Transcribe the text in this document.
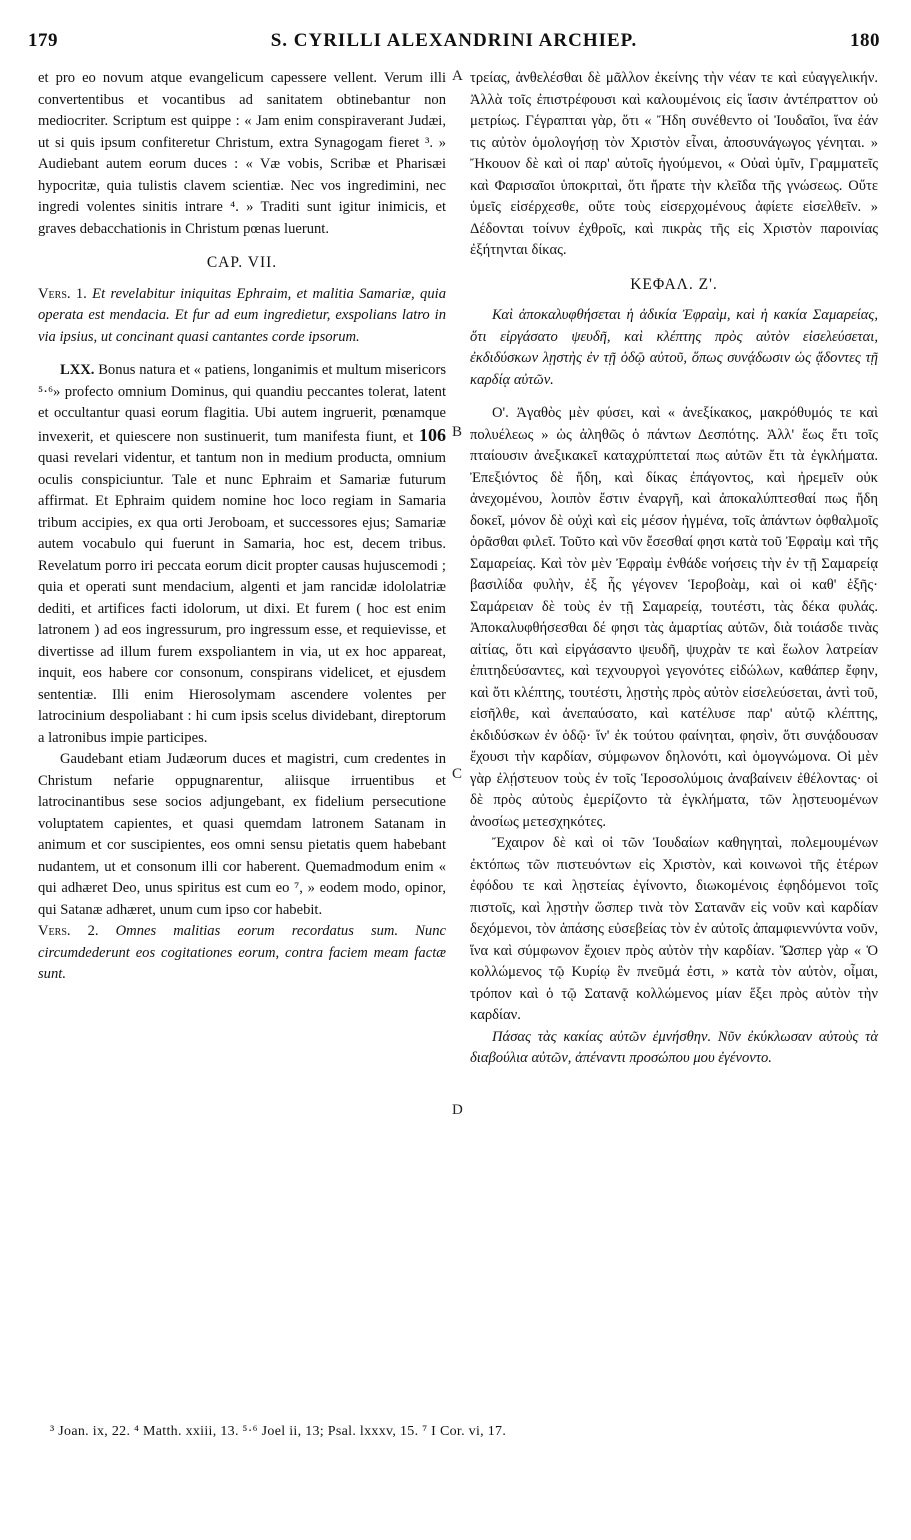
179	S. CYRILLI ALEXANDRINI ARCHIEP.	180
A
B
C
D

et pro eo novum atque evangelicum capessere vellent. Verum illi convertentibus et vocantibus ad sanitatem obtinebantur non mediocriter. Scriptum est quippe : « Jam enim conspiraverant Judæi, ut si quis ipsum confiteretur Christum, extra Synagogam fieret ³. » Audiebant autem eorum duces : « Væ vobis, Scribæ et Pharisæi hypocritæ, quia tulistis clavem scientiæ. Nec vos ingredimini, nec ingredi volentes sinitis intrare ⁴. » Traditi sunt igitur inimicis, et graves debacchationis in Christum pœnas luerunt.

CAP. VII.

Vers. 1. Et revelabitur iniquitas Ephraim, et malitia Samariæ, quia operata est mendacia. Et fur ad eum ingredietur, exspolians latro in via ipsius, ut concinant quasi cantantes corde ipsorum.

LXX. Bonus natura et « patiens, longanimis et multum misericors ⁵·⁶» profecto omnium Dominus, qui quandiu peccantes tolerat, latent et occultantur quasi eorum flagitia. Ubi autem ingruerit, pœnamque invexerit, et quiescere non sustinuerit, tum manifesta fiunt, et 106 quasi revelari videntur, et tantum non in medium producta, omnium oculis conspiciuntur. Tale et nunc Ephraim et Samariæ futurum affirmat. Et Ephraim quidem nomine hoc loco regiam in Samaria tribum accipies, ex qua orti Jeroboam, et successores ejus; Samariæ autem vocabulo qui fuerunt in Samaria, hoc est, decem tribus. Revelatum porro iri peccata eorum dicit propter causas hujuscemodi ; quia et operati sunt mendacium, algenti et jam rancidæ idololatriæ dediti, et artifices facti idolorum, ut dixi. Et furem ( hoc est enim latronem ) ad eos ingressurum, pro ingressum esse, et requievisse, et divertisse ad illum furem exspoliantem in via, ut ex hoc appareat, inquit, eos habere cor consonum, conspirans videlicet, et ejusdem sententiæ. Illi enim Hierosolymam ascendere volentes per latrocinium despoliabant : hi cum ipsis scelus dividebant, direptorum a latronibus impie participes.

Gaudebant etiam Judæorum duces et magistri, cum credentes in Christum nefarie oppugnarentur, aliisque irruentibus et latrocinantibus sese socios adjungebant, ex fidelium persecutione voluptatem capientes, et quasi quemdam latronem Satanam in animum et cor suscipientes, eos omni sensu pietatis quem habebant nudantem, ut et consonum illi cor haberent. Quemadmodum enim « qui adhæret Deo, unus spiritus est cum eo ⁷, » eodem modo, opinor, qui Satanæ adhæret, unum cum ipso cor habebit.

Vers. 2. Omnes malitias eorum recordatus sum. Nunc circumdederunt eos cogitationes eorum, contra faciem meam factæ sunt.

τρείας, ἀνθελέσθαι δὲ μᾶλλον ἐκείνης τὴν νέαν τε καὶ εὐαγγελικήν. Ἀλλὰ τοῖς ἐπιστρέφουσι καὶ καλουμένοις εἰς ἴασιν ἀντέπραττον οὐ μετρίως. Γέγραπται γὰρ, ὅτι « Ἤδη συνέθεντο οἱ Ἰουδαῖοι, ἵνα ἐάν τις αὐτὸν ὁμολογήσῃ τὸν Χριστὸν εἶναι, ἀποσυνάγωγος γένηται. » Ἤκουον δὲ καὶ οἱ παρ' αὐτοῖς ἡγούμενοι, « Οὐαὶ ὑμῖν, Γραμματεῖς καὶ Φαρισαῖοι ὑποκριταὶ, ὅτι ἤρατε τὴν κλεῖδα τῆς γνώσεως. Οὔτε ὑμεῖς εἰσέρχεσθε, οὔτε τοὺς εἰσερχομένους ἀφίετε εἰσελθεῖν. » Δέδονται τοίνυν ἐχθροῖς, καὶ πικρὰς τῆς εἰς Χριστὸν παροινίας ἐξήτηνται δίκας.

ΚΕΦΑΛ. Ζ'.

Καὶ ἀποκαλυφθήσεται ἡ ἀδικία Ἐφραὶμ, καὶ ἡ κακία Σαμαρείας, ὅτι εἰργάσατο ψευδῆ, καὶ κλέπτης πρὸς αὐτὸν εἰσελεύσεται, ἐκδιδύσκων λῃστὴς ἐν τῇ ὁδῷ αὐτοῦ, ὅπως συνᾴδωσιν ὡς ᾄδοντες τῇ καρδίᾳ αὐτῶν.

Ο'. Ἀγαθὸς μὲν φύσει, καὶ « ἀνεξίκακος, μακρόθυμός τε καὶ πολυέλεως » ὡς ἀληθῶς ὁ πάντων Δεσπότης. Ἀλλ' ἕως ἔτι τοῖς πταίουσιν ἀνεξικακεῖ καταχρύπτεταί πως αὐτῶν ἔτι τὰ ἐγκλήματα. Ἐπεξιόντος δὲ ἤδη, καὶ δίκας ἐπάγοντος, καὶ ἠρεμεῖν οὐκ ἀνεχομένου, λοιπὸν ἔστιν ἐναργῆ, καὶ ἀποκαλύπτεσθαί πως ἤδη δοκεῖ, μόνον δὲ οὐχὶ καὶ εἰς μέσον ἠγμένα, τοῖς ἁπάντων ὀφθαλμοῖς ὁρᾶσθαι φιλεῖ. Τοῦτο καὶ νῦν ἔσεσθαί φησι κατὰ τοῦ Ἐφραὶμ καὶ τῆς Σαμαρείας. Καὶ τὸν μὲν Ἐφραὶμ ἐνθάδε νοήσεις τὴν ἐν τῇ Σαμαρείᾳ βασιλίδα φυλὴν, ἐξ ἧς γέγονεν Ἱεροβοὰμ, καὶ οἱ καθ' ἑξῆς· Σαμάρειαν δὲ τοὺς ἐν τῇ Σαμαρείᾳ, τουτέστι, τὰς δέκα φυλάς. Ἀποκαλυφθήσεσθαι δέ φησι τὰς ἁμαρτίας αὐτῶν, διὰ τοιάσδε τινὰς αἰτίας, ὅτι καὶ εἰργάσαντο ψευδῆ, ψυχρὰν τε καὶ ἕωλον λατρείαν ἐπιτηδεύσαντες, καὶ τεχνουργοὶ γεγονότες εἰδώλων, καθάπερ ἔφην, καὶ ὅτι κλέπτης, τουτέστι, λῃστὴς πρὸς αὐτὸν εἰσελεύσεται, ἀντὶ τοῦ, εἰσῆλθε, καὶ ἀνεπαύσατο, καὶ κατέλυσε παρ' αὐτῷ κλέπτης, ἐκδιδύσκων ἐν ὁδῷ· ἵν' ἐκ τούτου φαίνηται, φησὶν, ὅτι συνᾴδουσαν ἔχουσι τὴν καρδίαν, σύμφωνον δηλονότι, καὶ ὁμογνώμονα. Οἱ μὲν γὰρ ἐλῄστευον τοὺς ἐν τοῖς Ἱεροσολύμοις ἀναβαίνειν ἐθέλοντας· οἱ δὲ πρὸς αὐτοὺς ἐμερίζοντο τὰ ἐγκλήματα, τῶν λῃστευομένων ἀνοσίως μετεσχηκότες.

Ἔχαιρον δὲ καὶ οἱ τῶν Ἰουδαίων καθηγηταὶ, πολεμουμένων ἐκτόπως τῶν πιστευόντων εἰς Χριστὸν, καὶ κοινωνοὶ τῆς ἑτέρων ἐφόδου τε καὶ λῃστείας ἐγίνοντο, διωκομένοις ἐφηδόμενοι τοῖς πιστοῖς, καὶ λῃστὴν ὥσπερ τινὰ τὸν Σατανᾶν εἰς νοῦν καὶ καρδίαν δεχόμενοι, τὸν ἁπάσης εὐσεβείας τὸν ἐν αὐτοῖς ἀπαμφιεννύντα νοῦν, ἵνα καὶ σύμφωνον ἔχοιεν πρὸς αὐτὸν τὴν καρδίαν. Ὥσπερ γὰρ « Ὁ κολλώμενος τῷ Κυρίῳ ἓν πνεῦμά ἐστι, » κατὰ τὸν αὐτὸν, οἶμαι, τρόπον καὶ ὁ τῷ Σατανᾷ κολλώμενος μίαν ἕξει πρὸς αὐτὸν τὴν καρδίαν.

Πάσας τὰς κακίας αὐτῶν ἐμνήσθην. Νῦν ἐκύκλωσαν αὐτοὺς τὰ διαβούλια αὐτῶν, ἀπέναντι προσώπου μου ἐγένοντο.

³ Joan. ix, 22. ⁴ Matth. xxiii, 13. ⁵·⁶ Joel ii, 13; Psal. lxxxv, 15. ⁷ I Cor. vi, 17.
